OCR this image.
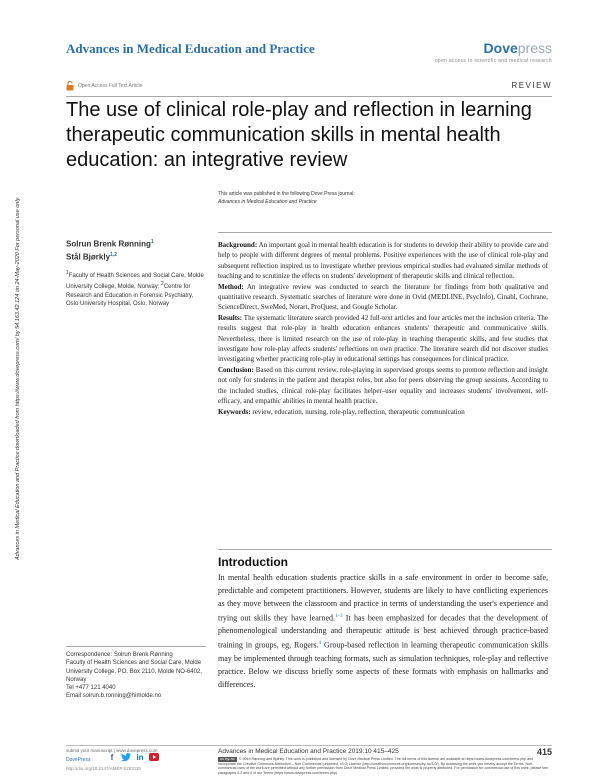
Advances in Medical Education and Practice	Dovepress
open access to scientific and medical research
Open Access Full Text Article	REVIEW
The use of clinical role-play and reflection in learning therapeutic communication skills in mental health education: an integrative review
This article was published in the following Dove Press journal:
Advances in Medical Education and Practice
Solrun Brenk Rønning$^1$
Stål Bjørkly$^{1,2}$
$^1$Faculty of Health Sciences and Social Care, Molde University College, Molde, Norway; $^2$Centre for Research and Education in Forensic Psychiatry, Oslo University Hospital, Oslo, Norway

Background: An important goal in mental health education is for students to develop their ability to provide care and help to people with different degrees of mental problems. Positive experiences with the use of clinical role-play and subsequent reflection inspired us to investigate whether previous empirical studies had evaluated similar methods of teaching and to scrutinize the effects on students' development of therapeutic skills and clinical reflection.

Method: An integrative review was conducted to search the literature for findings from both qualitative and quantitative research. Systematic searches of literature were done in Ovid (MEDLINE, PsycInfo), Cinahl, Cochrane, ScienceDirect, SweMed, Norart, ProQuest, and Google Scholar.

Results: The systematic literature search provided 42 full-text articles and four articles met the inclusion criteria. The results suggest that role-play in health education enhances students' therapeutic and communicative skills. Nevertheless, there is limited research on the use of role-play in teaching therapeutic skills, and few studies that investigate how role-play affects students' reflections on own practice. The literature search did not discover studies investigating whether practicing role-play in educational settings has consequences for clinical practice.

Conclusion: Based on this current review, role-playing in supervised groups seems to promote reflection and insight not only for students in the patient and therapist roles, but also for peers observing the group sessions. According to the included studies, clinical role-play facilitates helper–user equality and increases students' involvement, self-efficacy, and empathic abilities in mental health practice.

Keywords: review, education, nursing, role-play, reflection, therapeutic communication

Introduction
In mental health education students practice skills in a safe environment in order to become safe, predictable and competent practitioners. However, students are likely to have conflicting experiences as they move between the classroom and practice in terms of understanding the user's experience and trying out skills they have learned.$^{1-3}$ It has been emphasized for decades that the development of phenomenological understanding and therapeutic attitude is best achieved through practice-based training in groups, eg, Rogers.$^4$ Group-based reflection in learning therapeutic communication skills may be implemented through teaching formats, such as simulation techniques, role-play and reflective practice. Below we discuss briefly some aspects of these formats with emphasis on hallmarks and differences.
Correspondence: Solrun Brenk Rønning
Faculty of Health Sciences and Social Care, Molde University College, PO. Box 2110, Molde NO-6402, Norway
Tel +477 121 4040
Email solrun.b.ronning@himolde.no
Advances in Medical Education and Practice downloaded from https://www.dovepress.com/ by 54.163.42.124 on 24-May-2020 For personal use only.
submit your manuscript | www.dovepress.com
DovePress	f	in
http://doi.org/10.2147/AMEP.S253115
Advances in Medical Education and Practice 2019:10 415–425	415
cc by-nc © 2019 Rønning and Bjørkly. This work is published and licensed by Dove Medical Press Limited. The full terms of this license are available at https://www.dovepress.com/terms.php and incorporate the Creative Commons Attribution – Non Commercial (unported, v3.0) License (http://creativecommons.org/licenses/by-nc/3.0/). By accessing the work you hereby accept the Terms. Non-commercial uses of the work are permitted without any further permission from Dove Medical Press Limited, provided the work is properly attributed. For permission for commercial use of this work, please see paragraphs 4.2 and 5 of our Terms (https://www.dovepress.com/terms.php).
